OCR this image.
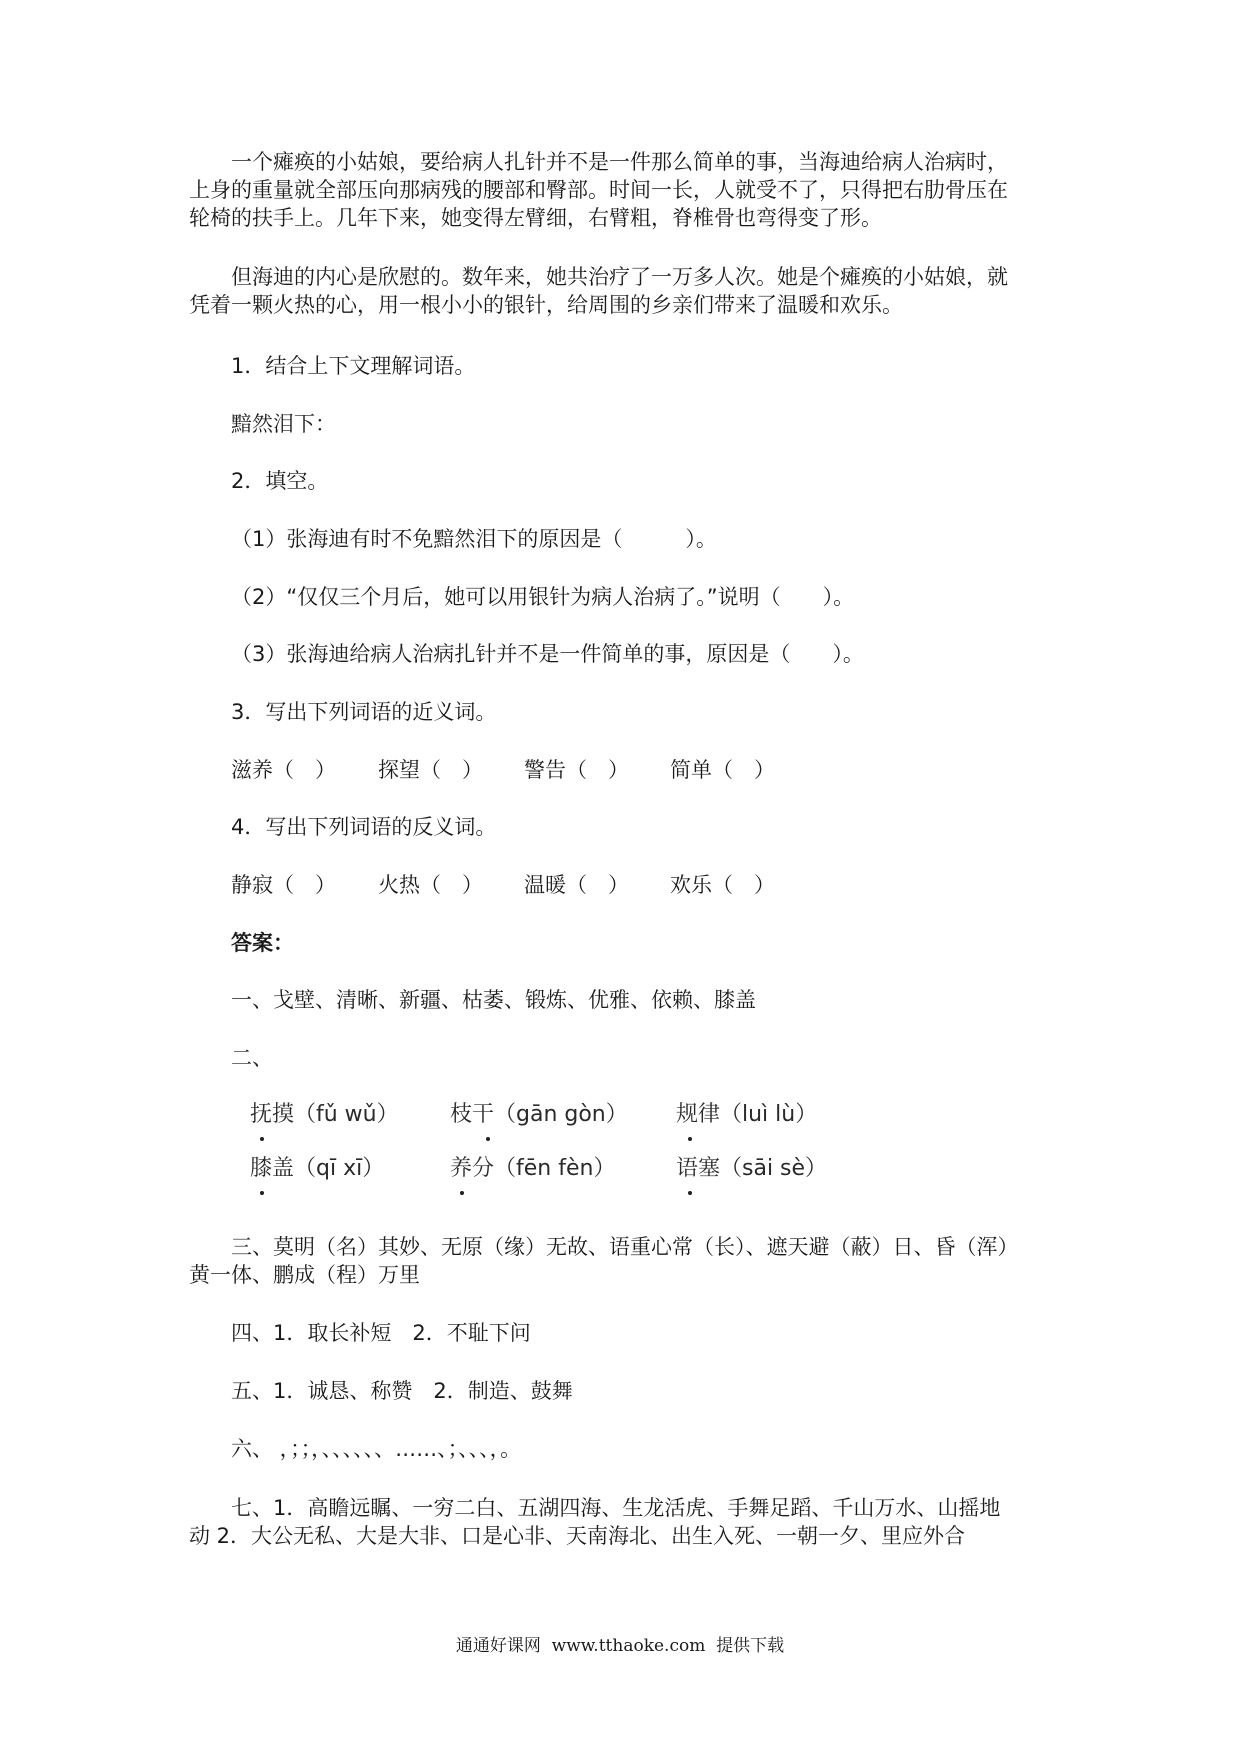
一个瘫痪的小姑娘，要给病人扎针并不是一件那么简单的事，当海迪给病人治病时，
上身的重量就全部压向那病残的腰部和臀部。时间一长，人就受不了，只得把右肋骨压在
轮椅的扶手上。几年下来，她变得左臂细，右臂粗，脊椎骨也弯得变了形。
但海迪的内心是欣慰的。数年来，她共治疗了一万多人次。她是个瘫痪的小姑娘，就
凭着一颗火热的心，用一根小小的银针，给周围的乡亲们带来了温暖和欢乐。
1．结合上下文理解词语。
黯然泪下：
2．填空。
（1）张海迪有时不免黯然泪下的原因是（　　　）。
（2）“仅仅三个月后，她可以用银针为病人治病了。”说明（　　）。
（3）张海迪给病人治病扎针并不是一件简单的事，原因是（　　）。
3．写出下列词语的近义词。
滋养（　） 探望（　） 警告（　） 简单（　）
4．写出下列词语的反义词。
静寂（　） 火热（　） 温暖（　） 欢乐（　）
答案：
一、戈壁、清晰、新疆、枯萎、锻炼、优雅、依赖、膝盖
二、
抚摸（fǔ wǔ） 枝干（gān gòn） 规律（luì lù）
膝盖（qī xī）	养分（fēn fèn）	语塞（sāi sè）
三、莫明（名）其妙、无原（缘）无故、语重心常（长）、遮天避（蔽）日、昏（浑）
黄一体、鹏成（程）万里
四、1．取长补短　2．不耻下问
五、1．诚恳、称赞　2．制造、鼓舞
六、 ，；；，、、、、、、……、；、、、，。
七、1．高瞻远瞩、一穷二白、五湖四海、生龙活虎、手舞足蹈、千山万水、山摇地
动 2．大公无私、大是大非、口是心非、天南海北、出生入死、一朝一夕、里应外合
通通好课网  www.tthaoke.com  提供下载
